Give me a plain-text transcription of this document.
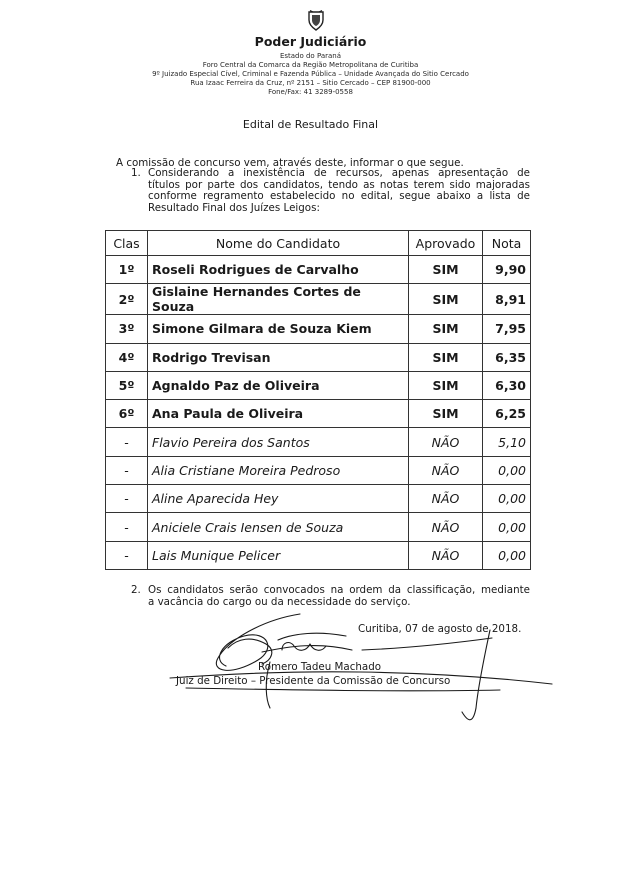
Poder Judiciário
Estado do Paraná
Foro Central da Comarca da Região Metropolitana de Curitiba
9º Juizado Especial Cível, Criminal e Fazenda Pública – Unidade Avançada do Sitio Cercado
Rua Izaac Ferreira da Cruz, nº 2151 – Sitio Cercado – CEP 81900-000
Fone/Fax: 41 3289-0558
Edital de Resultado Final
A comissão de concurso vem, através deste, informar o que segue.
1. Considerando a inexistência de recursos, apenas apresentação de
títulos por parte dos candidatos, tendo as notas terem sido majoradas
conforme regramento estabelecido no edital, segue abaixo a lista de
Resultado Final dos Juízes Leigos:
Clas	Nome do Candidato	Aprovado	Nota
1º	Roseli Rodrigues de Carvalho	SIM	9,90
2º	Gislaine Hernandes Cortes de Souza	SIM	8,91
3º	Simone Gilmara de Souza Kiem	SIM	7,95
4º	Rodrigo Trevisan	SIM	6,35
5º	Agnaldo Paz de Oliveira	SIM	6,30
6º	Ana Paula de Oliveira	SIM	6,25
-	Flavio Pereira dos Santos	NÃO	5,10
-	Alia Cristiane Moreira Pedroso	NÃO	0,00
-	Aline Aparecida Hey	NÃO	0,00
-	Aniciele Crais Iensen de Souza	NÃO	0,00
-	Lais Munique Pelicer	NÃO	0,00
2. Os candidatos serão convocados na ordem da classificação, mediante
a vacância do cargo ou da necessidade do serviço.
Curitiba, 07 de agosto de 2018.
Romero Tadeu Machado
Juiz de Direito – Presidente da Comissão de Concurso
